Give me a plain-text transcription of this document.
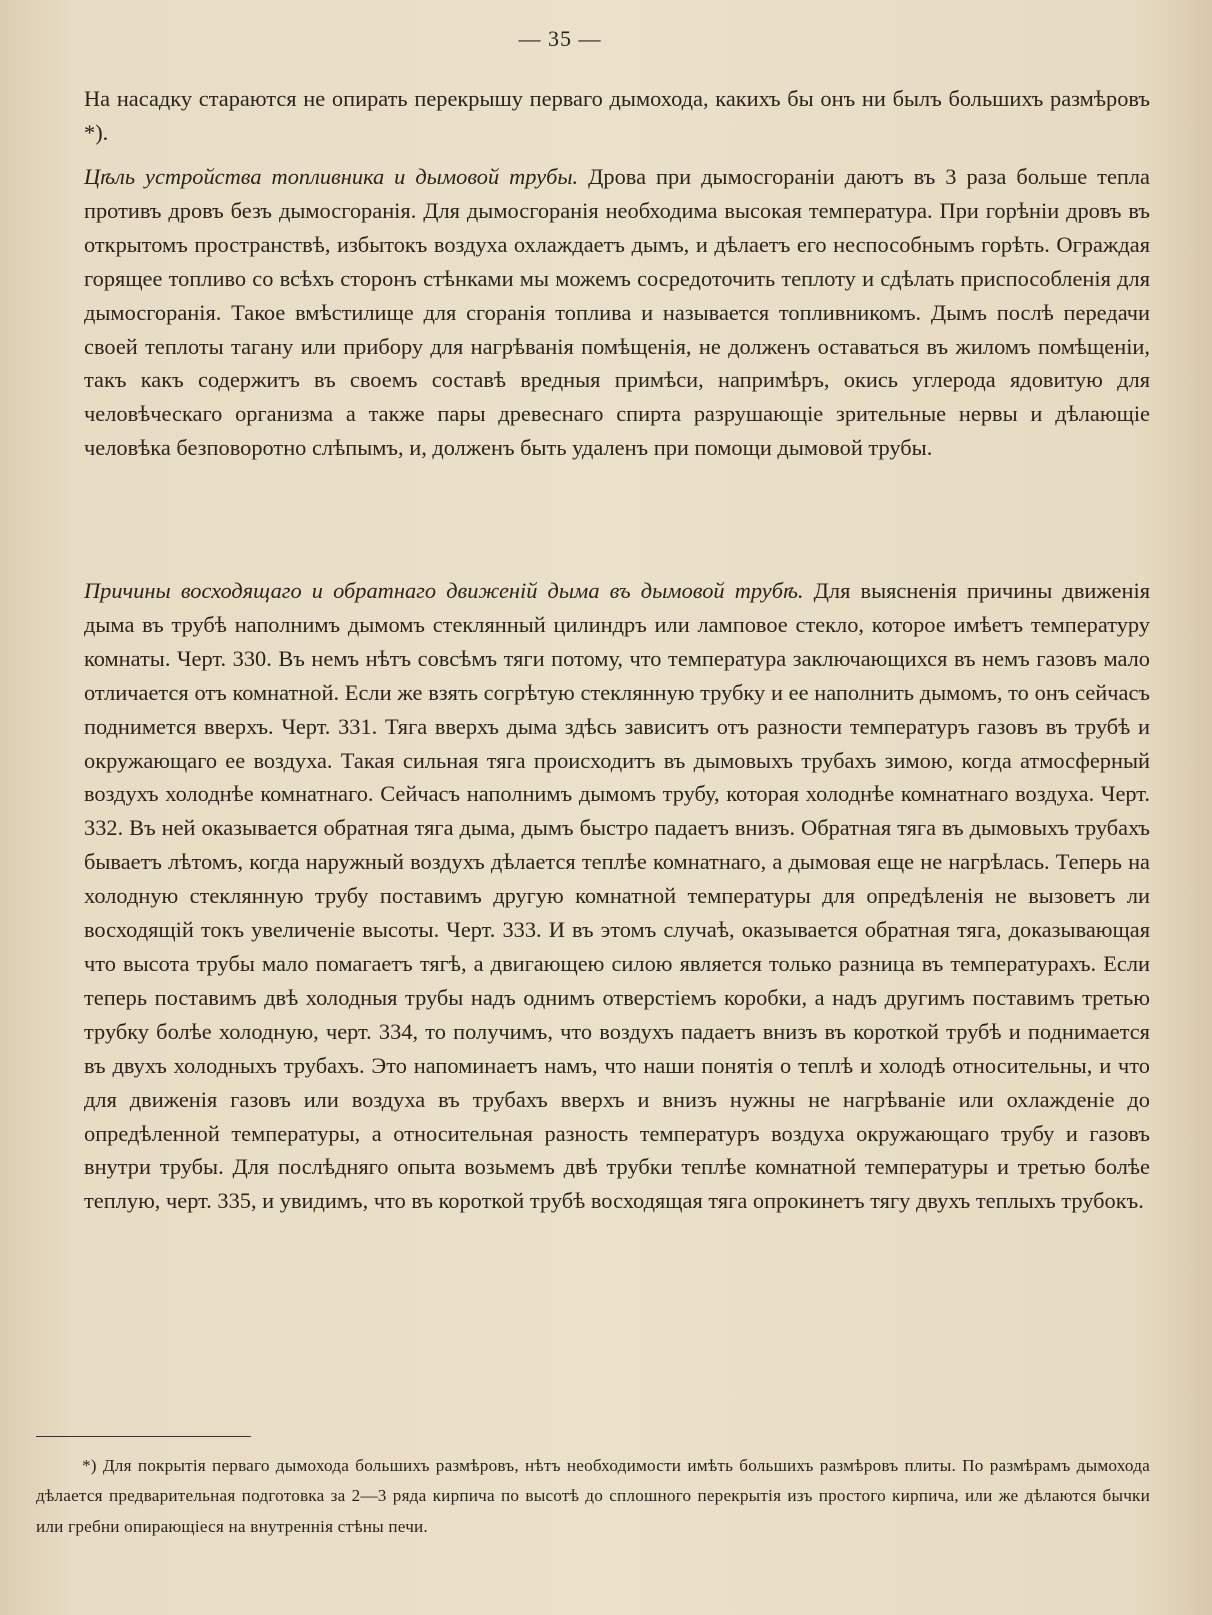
— 35 —

На насадку стараются не опирать перекрышу перваго дымохода, какихъ бы онъ ни былъ большихъ размѣровъ *).

Цѣль устройства топливника и дымовой трубы. Дрова при дымосгораніи даютъ въ 3 раза больше тепла противъ дровъ безъ дымосгоранія. Для дымосгоранія необходима высокая температура. При горѣніи дровъ въ открытомъ пространствѣ, избытокъ воздуха охлаждаетъ дымъ, и дѣлаетъ его неспособнымъ горѣть. Ограждая горящее топливо со всѣхъ сторонъ стѣнками мы можемъ сосредоточить теплоту и сдѣлать приспособленія для дымосгоранія. Такое вмѣстилище для сгоранія топлива и называется топливникомъ. Дымъ послѣ передачи своей теплоты тагану или прибору для нагрѣванія помѣщенія, не долженъ оставаться въ жиломъ помѣщеніи, такъ какъ содержитъ въ своемъ составѣ вредныя примѣси, напримѣръ, окись углерода ядовитую для человѣческаго организма а также пары древеснаго спирта разрушающіе зрительные нервы и дѣлающіе человѣка безповоротно слѣпымъ, и, долженъ быть удаленъ при помощи дымовой трубы.

Причины восходящаго и обратнаго движеній дыма въ дымовой трубѣ. Для выясненія причины движенія дыма въ трубѣ наполнимъ дымомъ стеклянный цилиндръ или ламповое стекло, которое имѣетъ температуру комнаты. Черт. 330. Въ немъ нѣтъ совсѣмъ тяги потому, что температура заключающихся въ немъ газовъ мало отличается отъ комнатной. Если же взять согрѣтую стеклянную трубку и ее наполнить дымомъ, то онъ сейчасъ поднимется вверхъ. Черт. 331. Тяга вверхъ дыма здѣсь зависитъ отъ разности температуръ газовъ въ трубѣ и окружающаго ее воздуха. Такая сильная тяга происходитъ въ дымовыхъ трубахъ зимою, когда атмосферный воздухъ холоднѣе комнатнаго. Сейчасъ наполнимъ дымомъ трубу, которая холоднѣе комнатнаго воздуха. Черт. 332. Въ ней оказывается обратная тяга дыма, дымъ быстро падаетъ внизъ. Обратная тяга въ дымовыхъ трубахъ бываетъ лѣтомъ, когда наружный воздухъ дѣлается теплѣе комнатнаго, а дымовая еще не нагрѣлась. Теперь на холодную стеклянную трубу поставимъ другую комнатной температуры для опредѣленія не вызоветъ ли восходящій токъ увеличеніе высоты. Черт. 333. И въ этомъ случаѣ, оказывается обратная тяга, доказывающая что высота трубы мало помагаетъ тягѣ, а двигающею силою является только разница въ температурахъ. Если теперь поставимъ двѣ холодныя трубы надъ однимъ отверстіемъ коробки, а надъ другимъ поставимъ третью трубку болѣе холодную, черт. 334, то получимъ, что воздухъ падаетъ внизъ въ короткой трубѣ и поднимается въ двухъ холодныхъ трубахъ. Это напоминаетъ намъ, что наши понятія о теплѣ и холодѣ относительны, и что для движенія газовъ или воздуха въ трубахъ вверхъ и внизъ нужны не нагрѣваніе или охлажденіе до опредѣленной температуры, а относительная разность температуръ воздуха окружающаго трубу и газовъ внутри трубы. Для послѣдняго опыта возьмемъ двѣ трубки теплѣе комнатной температуры и третью болѣе теплую, черт. 335, и увидимъ, что въ короткой трубѣ восходящая тяга опрокинетъ тягу двухъ теплыхъ трубокъ.

*) Для покрытія перваго дымохода большихъ размѣровъ, нѣтъ необходимости имѣть большихъ размѣровъ плиты. По размѣрамъ дымохода дѣлается предварительная подготовка за 2—3 ряда кирпича по высотѣ до сплошного перекрытія изъ простого кирпича, или же дѣлаются бычки или гребни опирающіеся на внутреннія стѣны печи.
